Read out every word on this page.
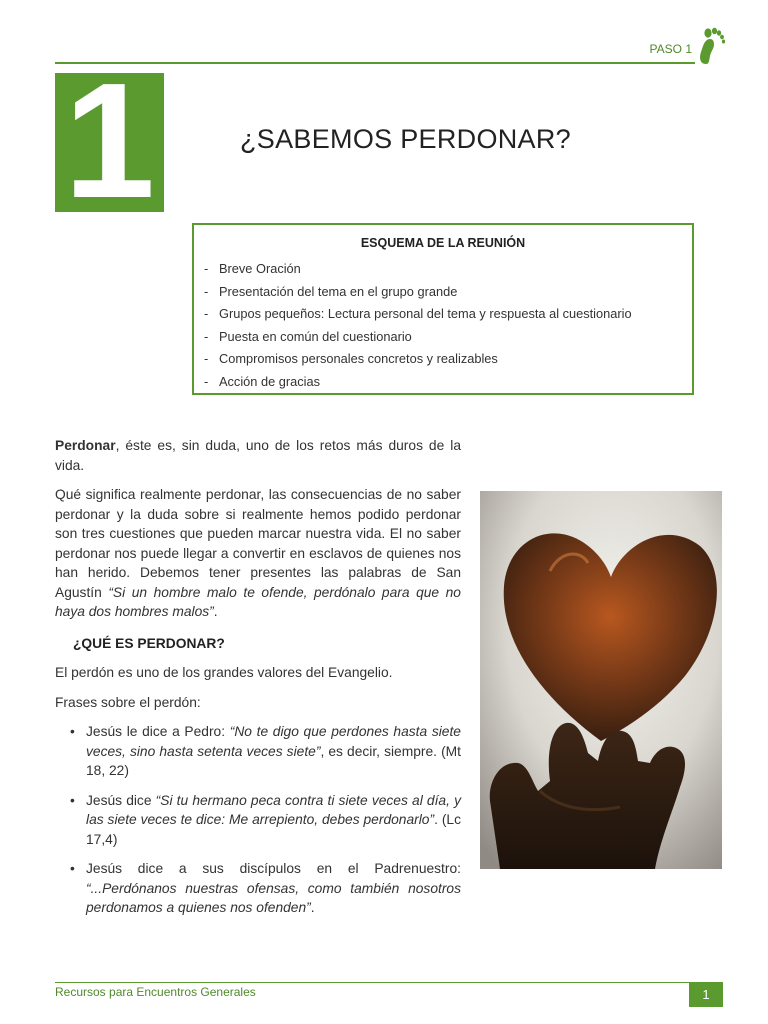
PASO 1
1	¿SABEMOS PERDONAR?
ESQUEMA DE LA REUNIÓN
- Breve Oración
- Presentación del tema en el grupo grande
- Grupos pequeños: Lectura personal del tema y respuesta al cuestionario
- Puesta en común del cuestionario
- Compromisos personales concretos y realizables
- Acción de gracias

Perdonar, éste es, sin duda, uno de los retos más duros de la vida.

Qué significa realmente perdonar, las consecuencias de no saber perdonar y la duda sobre si realmente hemos podido perdonar son tres cuestiones que pueden marcar nuestra vida. El no saber perdonar nos puede llegar a convertir en esclavos de quienes nos han herido. Debemos tener presentes las palabras de San Agustín “Si un hombre malo te ofende, perdónalo para que no haya dos hombres malos”.

¿QUÉ ES PERDONAR?

El perdón es uno de los grandes valores del Evangelio.

Frases sobre el perdón:

• Jesús le dice a Pedro: “No te digo que perdones hasta siete veces, sino hasta setenta veces siete”, es decir, siempre. (Mt 18, 22)
• Jesús dice “Si tu hermano peca contra ti siete veces al día, y las siete veces te dice: Me arrepiento, debes perdonarlo”. (Lc 17,4)
• Jesús dice a sus discípulos en el Padrenuestro: “...Perdónanos nuestras ofensas, como también nosotros perdonamos a quienes nos ofenden”.
Recursos para Encuentros Generales	1
